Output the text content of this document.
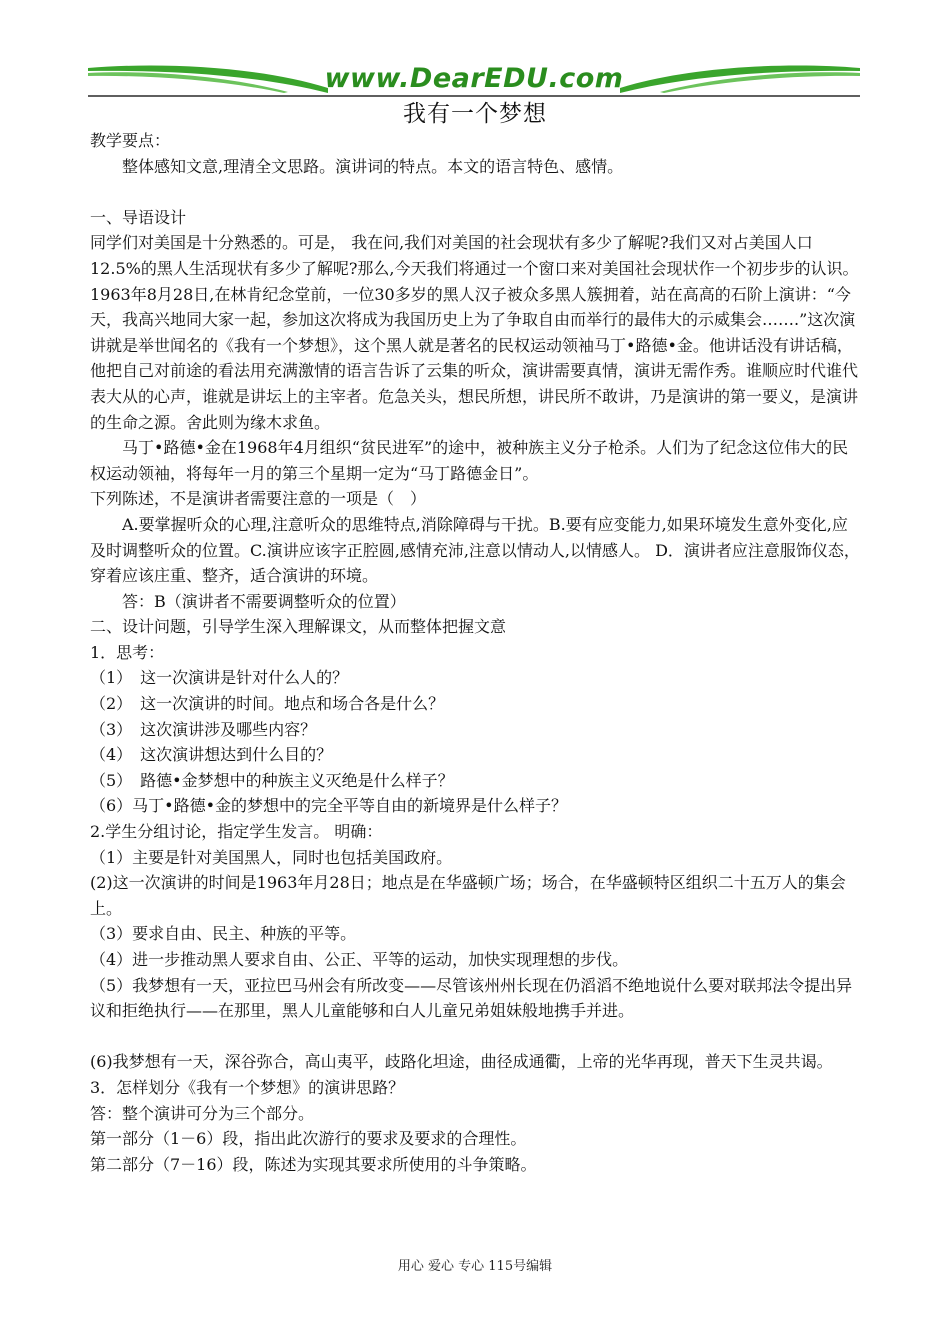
www.DearEDU.com
我有一个梦想

教学要点：

整体感知文意,理清全文思路。演讲词的特点。本文的语言特色、感情。

一、导语设计

同学们对美国是十分熟悉的。可是， 我在问,我们对美国的社会现状有多少了解呢?我们又对占美国人口12.5%的黑人生活现状有多少了解呢?那么,今天我们将通过一个窗口来对美国社会现状作一个初步步的认识。1963年8月28日,在林肯纪念堂前，一位30多岁的黑人汉子被众多黑人簇拥着，站在高高的石阶上演讲：“今天，我高兴地同大家一起，参加这次将成为我国历史上为了争取自由而举行的最伟大的示威集会…….”这次演讲就是举世闻名的《我有一个梦想》，这个黑人就是著名的民权运动领袖马丁•路德•金。他讲话没有讲话稿，他把自己对前途的看法用充满激情的语言告诉了云集的听众，演讲需要真情，演讲无需作秀。谁顺应时代谁代表大从的心声，谁就是讲坛上的主宰者。危急关头，想民所想，讲民所不敢讲，乃是演讲的第一要义，是演讲的生命之源。舍此则为缘木求鱼。

马丁•路德•金在1968年4月组织“贫民进军”的途中，被种族主义分子枪杀。人们为了纪念这位伟大的民权运动领袖，将每年一月的第三个星期一定为“马丁路德金日”。

下列陈述，不是演讲者需要注意的一项是（　）

A.要掌握听众的心理,注意听众的思维特点,消除障碍与干扰。B.要有应变能力,如果环境发生意外变化,应及时调整听众的位置。C.演讲应该字正腔圆,感情充沛,注意以情动人,以情感人。 D．演讲者应注意服饰仪态，穿着应该庄重、整齐，适合演讲的环境。

答：B（演讲者不需要调整听众的位置）

二、设计问题，引导学生深入理解课文，从而整体把握文意

1．思考：

（1）　这一次演讲是针对什么人的？

（2）　这一次演讲的时间。地点和场合各是什么？

（3）　这次演讲涉及哪些内容？

（4）　这次演讲想达到什么目的？

（5）　路德•金梦想中的种族主义灭绝是什么样子？

（6）马丁•路德•金的梦想中的完全平等自由的新境界是什么样子？

2.学生分组讨论，指定学生发言。 明确：

（1）主要是针对美国黑人，同时也包括美国政府。

(2)这一次演讲的时间是1963年月28日；地点是在华盛顿广场；场合，在华盛顿特区组织二十五万人的集会上。

（3）要求自由、民主、种族的平等。

（4）进一步推动黑人要求自由、公正、平等的运动，加快实现理想的步伐。

（5）我梦想有一天，亚拉巴马州会有所改变——尽管该州州长现在仍滔滔不绝地说什么要对联邦法令提出异议和拒绝执行——在那里，黑人儿童能够和白人儿童兄弟姐妹般地携手并进。

(6)我梦想有一天，深谷弥合，高山夷平，歧路化坦途，曲径成通衢，上帝的光华再现，普天下生灵共谒。

3．怎样划分《我有一个梦想》的演讲思路？

答：整个演讲可分为三个部分。

第一部分（1－6）段，指出此次游行的要求及要求的合理性。

第二部分（7－16）段，陈述为实现其要求所使用的斗争策略。

用心 爱心 专心 115号编辑
